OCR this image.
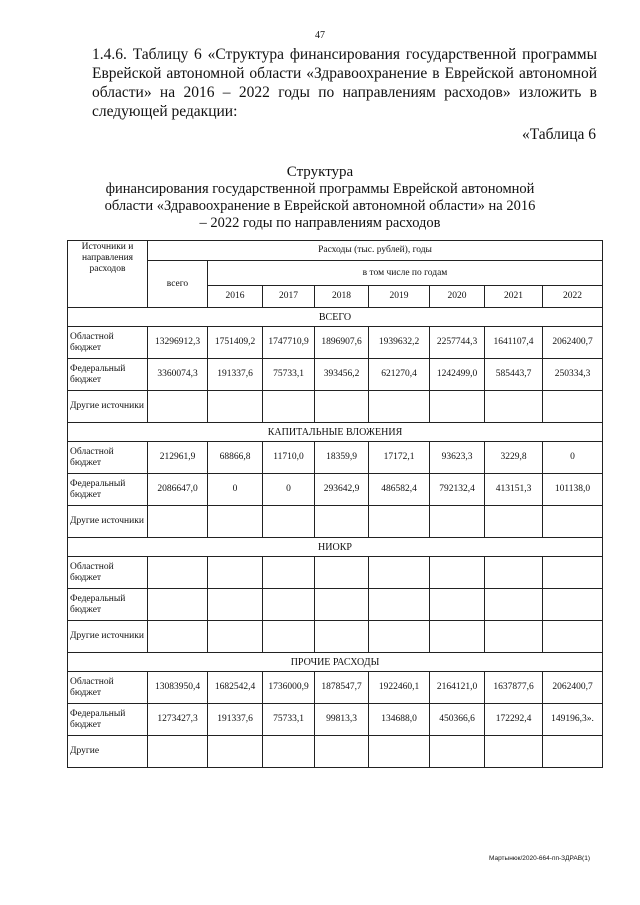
47

1.4.6. Таблицу 6 «Структура финансирования государственной программы Еврейской автономной области «Здравоохранение в Еврейской автономной области» на 2016 – 2022 годы по направлениям расходов» изложить в следующей редакции:

«Таблица 6
Структура
финансирования государственной программы Еврейской автономной области «Здравоохранение в Еврейской автономной области» на 2016 – 2022 годы по направлениям расходов
Источники и направления расходов	Расходы (тыс. рублей), годы							
	всего	в том числе по годам						
		2016	2017	2018	2019	2020	2021	2022
ВСЕГО								
Областной бюджет	13296912,3	1751409,2	1747710,9	1896907,6	1939632,2	2257744,3	1641107,4	2062400,7
Федеральный бюджет	3360074,3	191337,6	75733,1	393456,2	621270,4	1242499,0	585443,7	250334,3
Другие источники								
КАПИТАЛЬНЫЕ ВЛОЖЕНИЯ								
Областной бюджет	212961,9	68866,8	11710,0	18359,9	17172,1	93623,3	3229,8	0
Федеральный бюджет	2086647,0	0	0	293642,9	486582,4	792132,4	413151,3	101138,0
Другие источники								
НИОКР								
Областной бюджет								
Федеральный бюджет								
Другие источники								
ПРОЧИЕ РАСХОДЫ								
Областной бюджет	13083950,4	1682542,4	1736000,9	1878547,7	1922460,1	2164121,0	1637877,6	2062400,7
Федеральный бюджет	1273427,3	191337,6	75733,1	99813,3	134688,0	450366,6	172292,4	149196,3».
Другие								
Мартынюк/2020-664-пп-ЗДРАВ(1)
